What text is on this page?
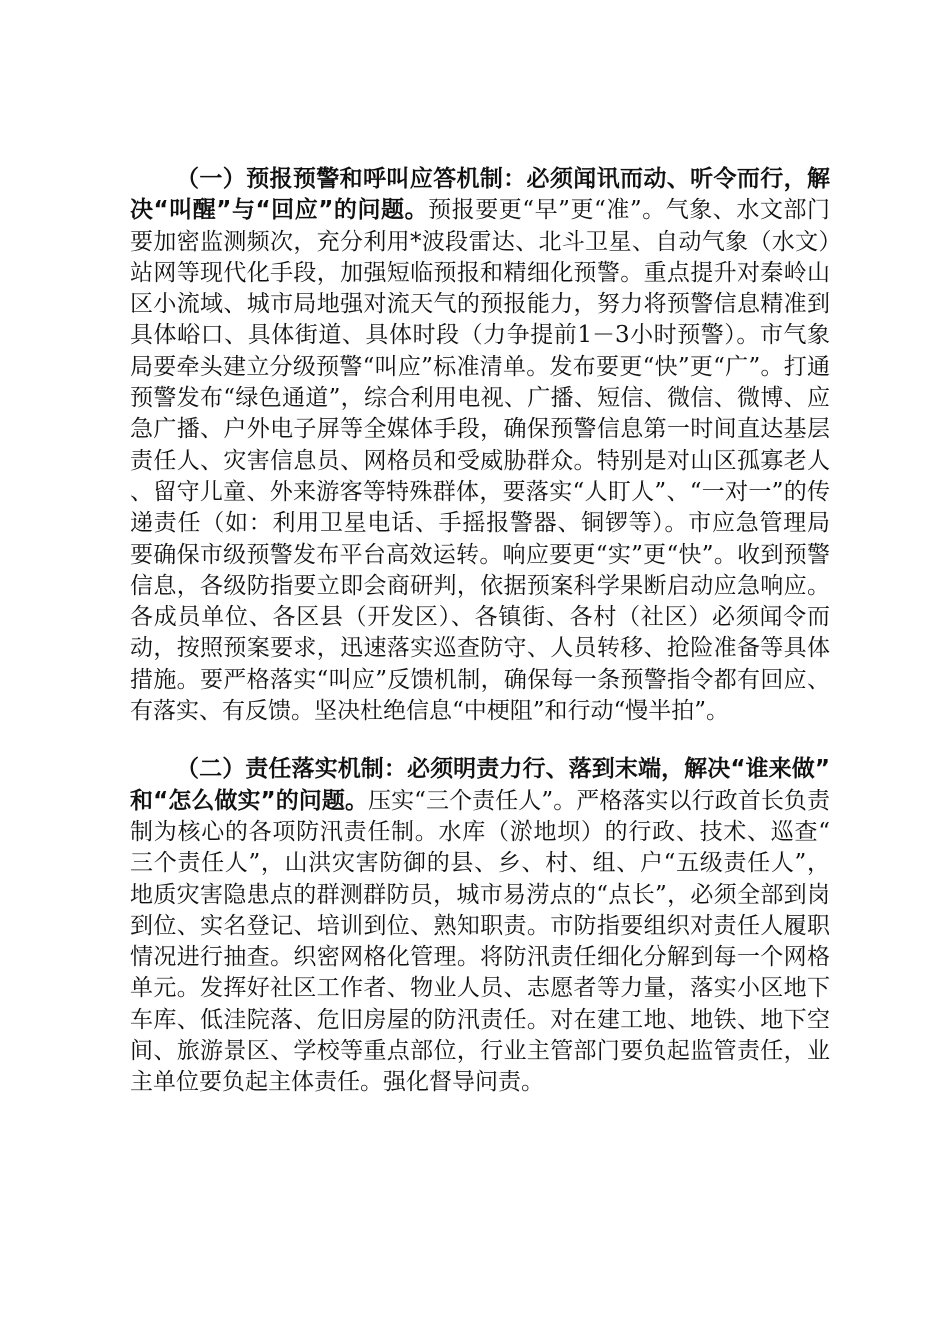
（一）预报预警和呼叫应答机制：必须闻讯而动、听令而行，解决“叫醒”与“回应”的问题。预报要更“早”更“准”。气象、水文部门要加密监测频次，充分利用*波段雷达、北斗卫星、自动气象（水文）站网等现代化手段，加强短临预报和精细化预警。重点提升对秦岭山区小流域、城市局地强对流天气的预报能力，努力将预警信息精准到具体峪口、具体街道、具体时段（力争提前1－3小时预警）。市气象局要牵头建立分级预警“叫应”标准清单。发布要更“快”更“广”。打通预警发布“绿色通道”，综合利用电视、广播、短信、微信、微博、应急广播、户外电子屏等全媒体手段，确保预警信息第一时间直达基层责任人、灾害信息员、网格员和受威胁群众。特别是对山区孤寡老人、留守儿童、外来游客等特殊群体，要落实“人盯人”、“一对一”的传递责任（如：利用卫星电话、手摇报警器、铜锣等）。市应急管理局要确保市级预警发布平台高效运转。响应要更“实”更“快”。收到预警信息，各级防指要立即会商研判，依据预案科学果断启动应急响应。各成员单位、各区县（开发区）、各镇街、各村（社区）必须闻令而动，按照预案要求，迅速落实巡查防守、人员转移、抢险准备等具体措施。要严格落实“叫应”反馈机制，确保每一条预警指令都有回应、有落实、有反馈。坚决杜绝信息“中梗阻”和行动“慢半拍”。

（二）责任落实机制：必须明责力行、落到末端，解决“谁来做”和“怎么做实”的问题。压实“三个责任人”。严格落实以行政首长负责制为核心的各项防汛责任制。水库（淤地坝）的行政、技术、巡查“三个责任人”，山洪灾害防御的县、乡、村、组、户“五级责任人”，地质灾害隐患点的群测群防员，城市易涝点的“点长”，必须全部到岗到位、实名登记、培训到位、熟知职责。市防指要组织对责任人履职情况进行抽查。织密网格化管理。将防汛责任细化分解到每一个网格单元。发挥好社区工作者、物业人员、志愿者等力量，落实小区地下车库、低洼院落、危旧房屋的防汛责任。对在建工地、地铁、地下空间、旅游景区、学校等重点部位，行业主管部门要负起监管责任，业主单位要负起主体责任。强化督导问责。
